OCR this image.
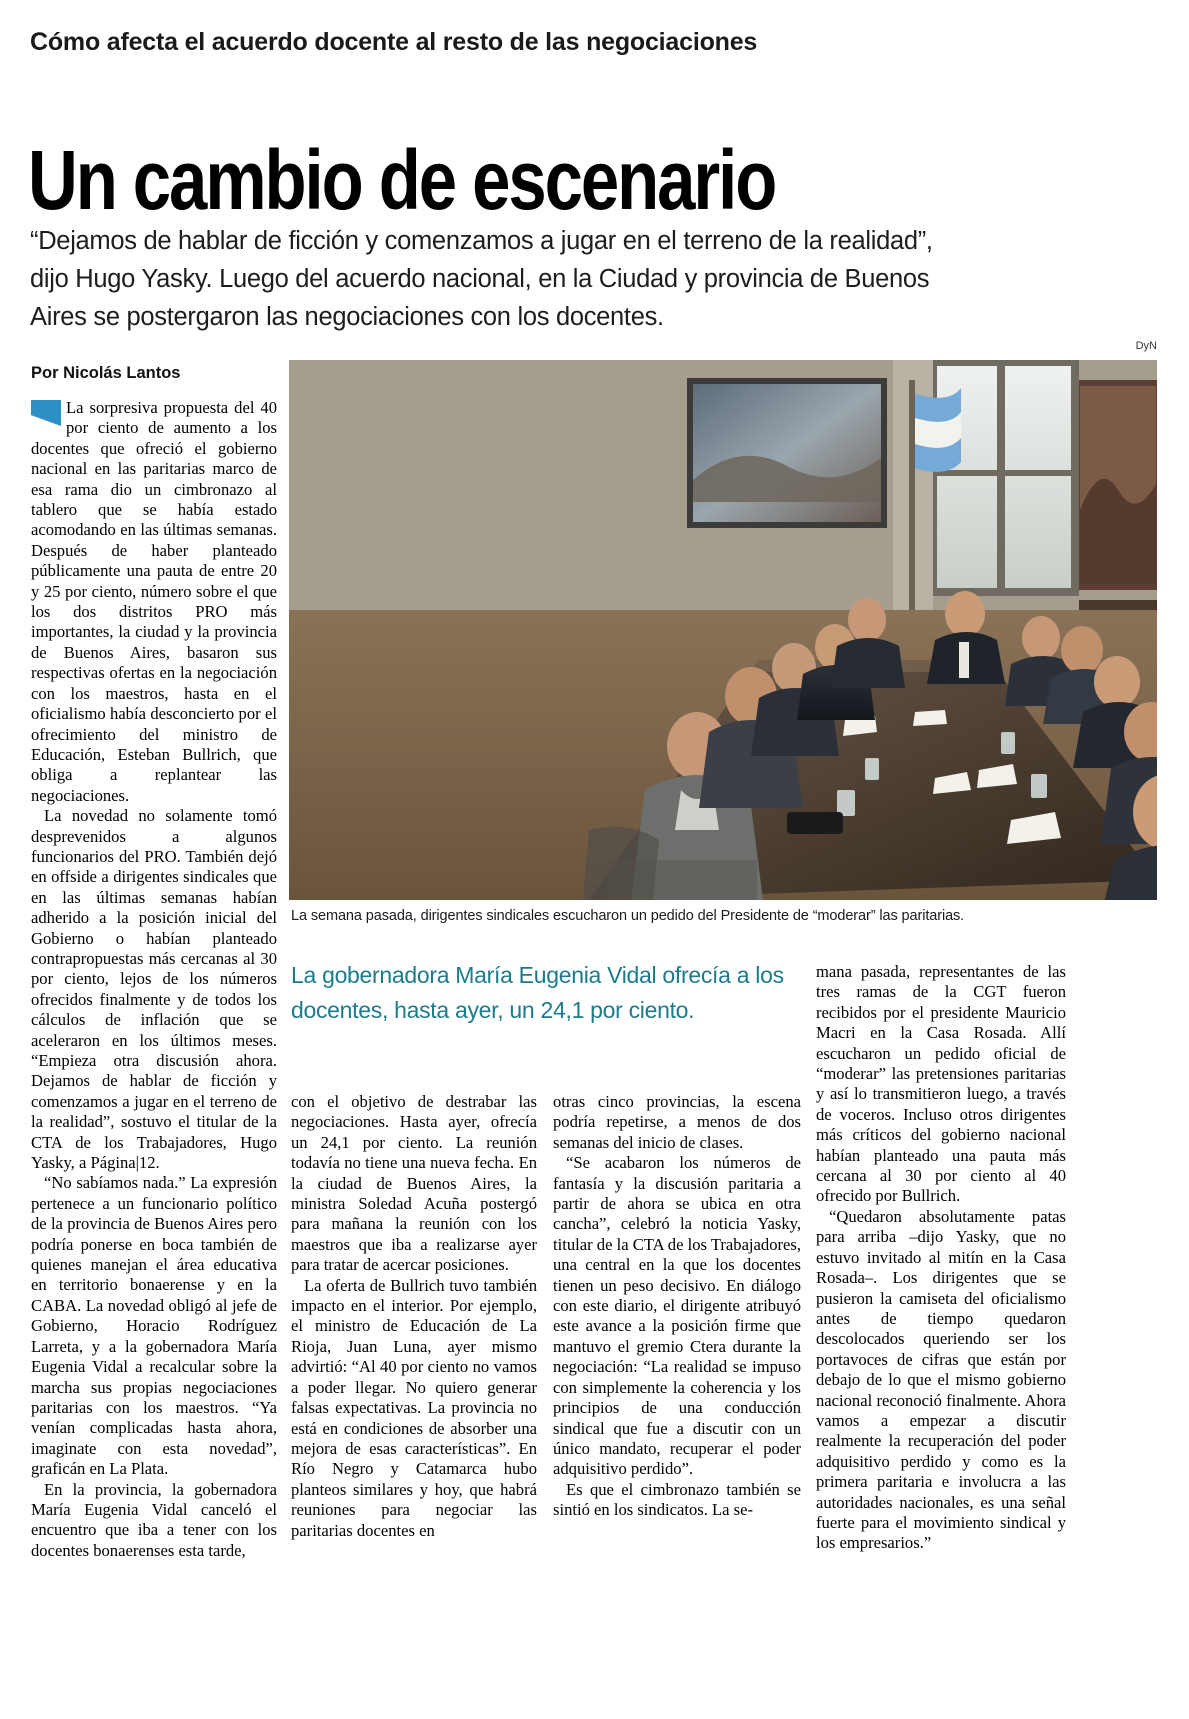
Cómo afecta el acuerdo docente al resto de las negociaciones
Un cambio de escenario
“Dejamos de hablar de ficción y comenzamos a jugar en el terreno de la realidad”, dijo Hugo Yasky. Luego del acuerdo nacional, en la Ciudad y provincia de Buenos Aires se postergaron las negociaciones con los docentes.
Por Nicolás Lantos
DyN
La semana pasada, dirigentes sindicales escucharon un pedido del Presidente de “moderar” las paritarias.
La gobernadora María Eugenia Vidal ofrecía a los docentes, hasta ayer, un 24,1 por ciento.

La sorpresiva propuesta del 40 por ciento de aumento a los docentes que ofreció el gobierno nacional en las paritarias marco de esa rama dio un cimbronazo al tablero que se había estado acomodando en las últimas semanas. Después de haber planteado públicamente una pauta de entre 20 y 25 por ciento, número sobre el que los dos distritos PRO más importantes, la ciudad y la provincia de Buenos Aires, basaron sus respectivas ofertas en la negociación con los maestros, hasta en el oficialismo había desconcierto por el ofrecimiento del ministro de Educación, Esteban Bullrich, que obliga a replantear las negociaciones.

La novedad no solamente tomó desprevenidos a algunos funcionarios del PRO. También dejó en offside a dirigentes sindicales que en las últimas semanas habían adherido a la posición inicial del Gobierno o habían planteado contrapropuestas más cercanas al 30 por ciento, lejos de los números ofrecidos finalmente y de todos los cálculos de inflación que se aceleraron en los últimos meses. “Empieza otra discusión ahora. Dejamos de hablar de ficción y comenzamos a jugar en el terreno de la realidad”, sostuvo el titular de la CTA de los Trabajadores, Hugo Yasky, a Página|12.

“No sabíamos nada.” La expresión pertenece a un funcionario político de la provincia de Buenos Aires pero podría ponerse en boca también de quienes manejan el área educativa en territorio bonaerense y en la CABA. La novedad obligó al jefe de Gobierno, Horacio Rodríguez Larreta, y a la gobernadora María Eugenia Vidal a recalcular sobre la marcha sus propias negociaciones paritarias con los maestros. “Ya venían complicadas hasta ahora, imaginate con esta novedad”, graficán en La Plata.

En la provincia, la gobernadora María Eugenia Vidal canceló el encuentro que iba a tener con los docentes bonaerenses esta tarde,

con el objetivo de destrabar las negociaciones. Hasta ayer, ofrecía un 24,1 por ciento. La reunión todavía no tiene una nueva fecha. En la ciudad de Buenos Aires, la ministra Soledad Acuña postergó para mañana la reunión con los maestros que iba a realizarse ayer para tratar de acercar posiciones.

La oferta de Bullrich tuvo también impacto en el interior. Por ejemplo, el ministro de Educación de La Rioja, Juan Luna, ayer mismo advirtió: “Al 40 por ciento no vamos a poder llegar. No quiero generar falsas expectativas. La provincia no está en condiciones de absorber una mejora de esas características”. En Río Negro y Catamarca hubo planteos similares y hoy, que habrá reuniones para negociar las paritarias docentes en

otras cinco provincias, la escena podría repetirse, a menos de dos semanas del inicio de clases.

“Se acabaron los números de fantasía y la discusión paritaria a partir de ahora se ubica en otra cancha”, celebró la noticia Yasky, titular de la CTA de los Trabajadores, una central en la que los docentes tienen un peso decisivo. En diálogo con este diario, el dirigente atribuyó este avance a la posición firme que mantuvo el gremio Ctera durante la negociación: “La realidad se impuso con simplemente la coherencia y los principios de una conducción sindical que fue a discutir con un único mandato, recuperar el poder adquisitivo perdido”.

Es que el cimbronazo también se sintió en los sindicatos. La se-

mana pasada, representantes de las tres ramas de la CGT fueron recibidos por el presidente Mauricio Macri en la Casa Rosada. Allí escucharon un pedido oficial de “moderar” las pretensiones paritarias y así lo transmitieron luego, a través de voceros. Incluso otros dirigentes más críticos del gobierno nacional habían planteado una pauta más cercana al 30 por ciento al 40 ofrecido por Bullrich.

“Quedaron absolutamente patas para arriba –dijo Yasky, que no estuvo invitado al mitín en la Casa Rosada–. Los dirigentes que se pusieron la camiseta del oficialismo antes de tiempo quedaron descolocados queriendo ser los portavoces de cifras que están por debajo de lo que el mismo gobierno nacional reconoció finalmente. Ahora vamos a empezar a discutir realmente la recuperación del poder adquisitivo perdido y como es la primera paritaria e involucra a las autoridades nacionales, es una señal fuerte para el movimiento sindical y los empresarios.”
